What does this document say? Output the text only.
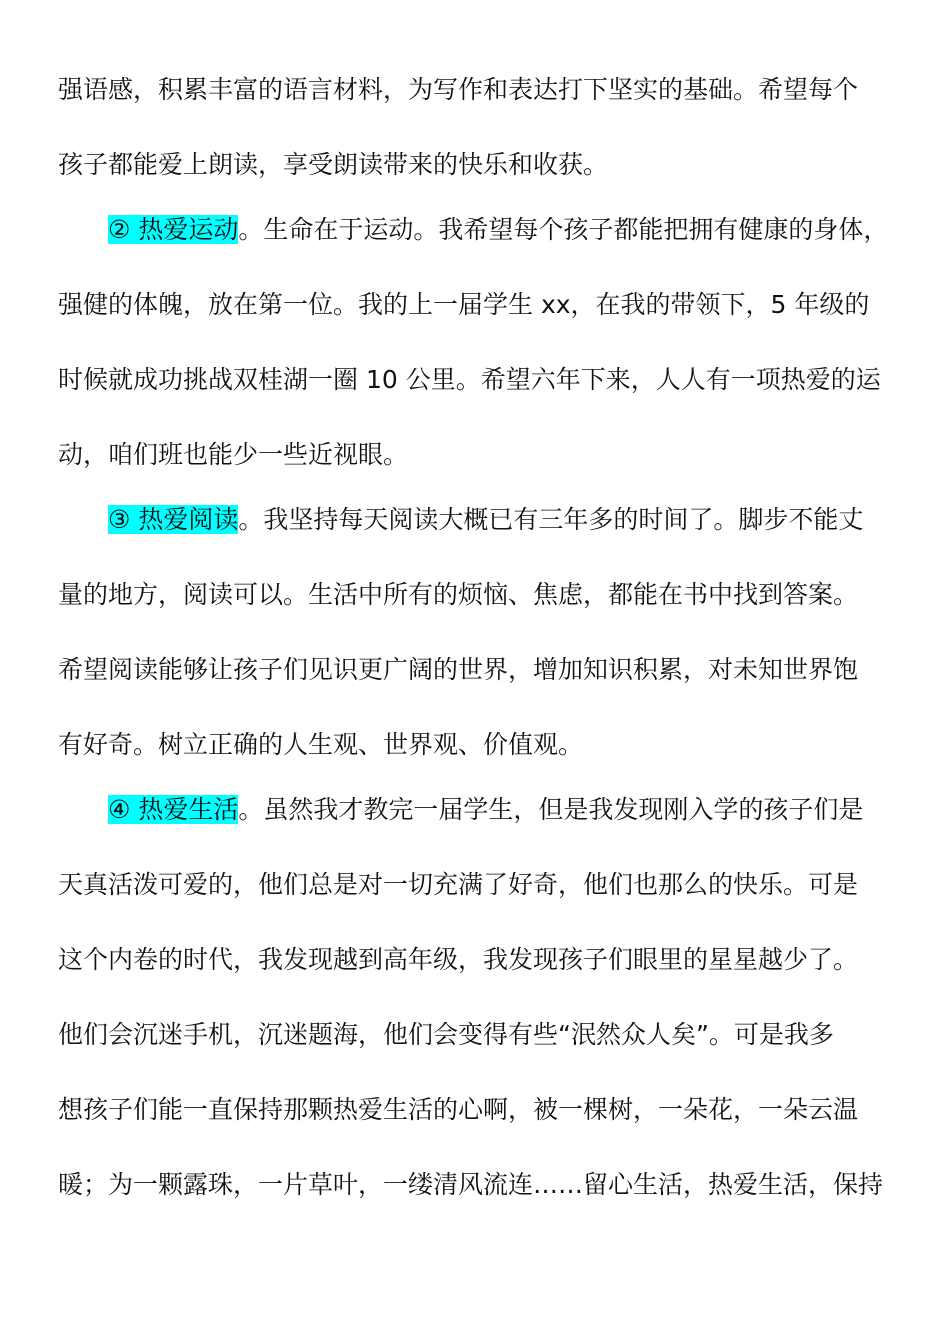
强语感，积累丰富的语言材料，为写作和表达打下坚实的基础。希望每个
孩子都能爱上朗读，享受朗读带来的快乐和收获。
② 热爱运动。生命在于运动。我希望每个孩子都能把拥有健康的身体，
强健的体魄，放在第一位。我的上一届学生 xx，在我的带领下，5 年级的
时候就成功挑战双桂湖一圈 10 公里。希望六年下来，人人有一项热爱的运
动，咱们班也能少一些近视眼。
③ 热爱阅读。我坚持每天阅读大概已有三年多的时间了。脚步不能丈
量的地方，阅读可以。生活中所有的烦恼、焦虑，都能在书中找到答案。
希望阅读能够让孩子们见识更广阔的世界，增加知识积累，对未知世界饱
有好奇。树立正确的人生观、世界观、价值观。
④ 热爱生活。虽然我才教完一届学生，但是我发现刚入学的孩子们是
天真活泼可爱的，他们总是对一切充满了好奇，他们也那么的快乐。可是
这个内卷的时代，我发现越到高年级，我发现孩子们眼里的星星越少了。
他们会沉迷手机，沉迷题海，他们会变得有些“泯然众人矣”。可是我多
想孩子们能一直保持那颗热爱生活的心啊，被一棵树，一朵花，一朵云温
暖；为一颗露珠，一片草叶，一缕清风流连……留心生活，热爱生活，保持
